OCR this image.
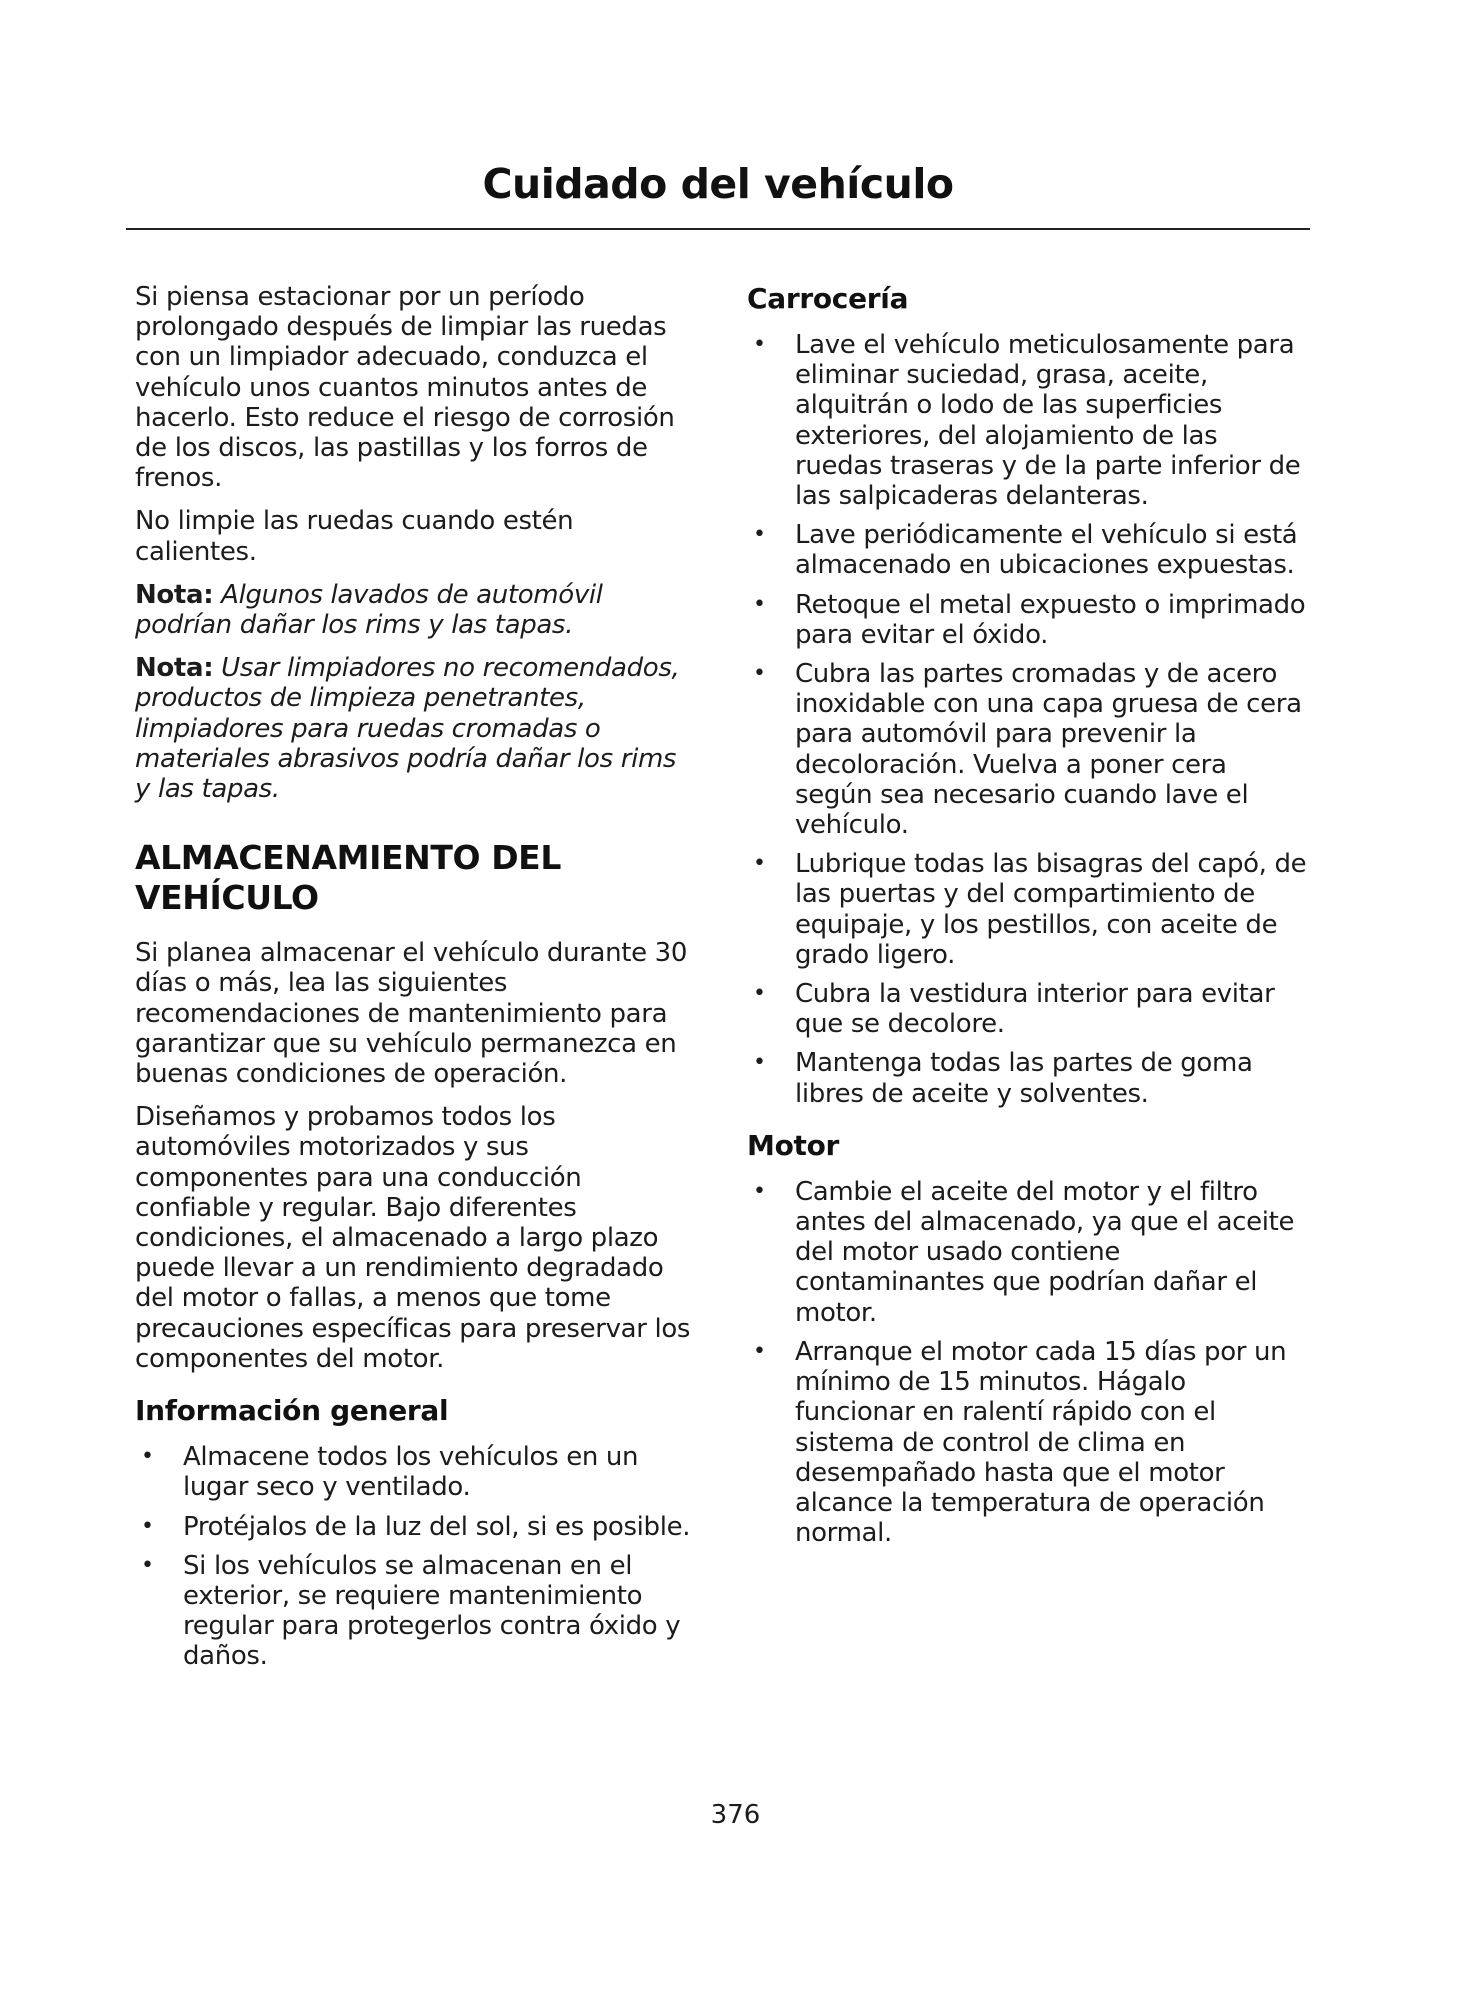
Cuidado del vehículo

Si piensa estacionar por un período prolongado después de limpiar las ruedas con un limpiador adecuado, conduzca el vehículo unos cuantos minutos antes de hacerlo. Esto reduce el riesgo de corrosión de los discos, las pastillas y los forros de frenos.

No limpie las ruedas cuando estén calientes.

Nota: Algunos lavados de automóvil podrían dañar los rims y las tapas.

Nota: Usar limpiadores no recomendados, productos de limpieza penetrantes, limpiadores para ruedas cromadas o materiales abrasivos podría dañar los rims y las tapas.

ALMACENAMIENTO DEL
VEHÍCULO

Si planea almacenar el vehículo durante 30 días o más, lea las siguientes recomendaciones de mantenimiento para garantizar que su vehículo permanezca en buenas condiciones de operación.

Diseñamos y probamos todos los automóviles motorizados y sus componentes para una conducción confiable y regular. Bajo diferentes condiciones, el almacenado a largo plazo puede llevar a un rendimiento degradado del motor o fallas, a menos que tome precauciones específicas para preservar los componentes del motor.

Información general
• Almacene todos los vehículos en un lugar seco y ventilado.
• Protéjalos de la luz del sol, si es posible.
• Si los vehículos se almacenan en el exterior, se requiere mantenimiento regular para protegerlos contra óxido y daños.
Carrocería
• Lave el vehículo meticulosamente para eliminar suciedad, grasa, aceite, alquitrán o lodo de las superficies exteriores, del alojamiento de las ruedas traseras y de la parte inferior de las salpicaderas delanteras.
• Lave periódicamente el vehículo si está almacenado en ubicaciones expuestas.
• Retoque el metal expuesto o imprimado para evitar el óxido.
• Cubra las partes cromadas y de acero inoxidable con una capa gruesa de cera para automóvil para prevenir la decoloración. Vuelva a poner cera según sea necesario cuando lave el vehículo.
• Lubrique todas las bisagras del capó, de las puertas y del compartimiento de equipaje, y los pestillos, con aceite de grado ligero.
• Cubra la vestidura interior para evitar que se decolore.
• Mantenga todas las partes de goma libres de aceite y solventes.
Motor
• Cambie el aceite del motor y el filtro antes del almacenado, ya que el aceite del motor usado contiene contaminantes que podrían dañar el motor.
• Arranque el motor cada 15 días por un mínimo de 15 minutos. Hágalo funcionar en ralentí rápido con el sistema de control de clima en desempañado hasta que el motor alcance la temperatura de operación normal.
376
